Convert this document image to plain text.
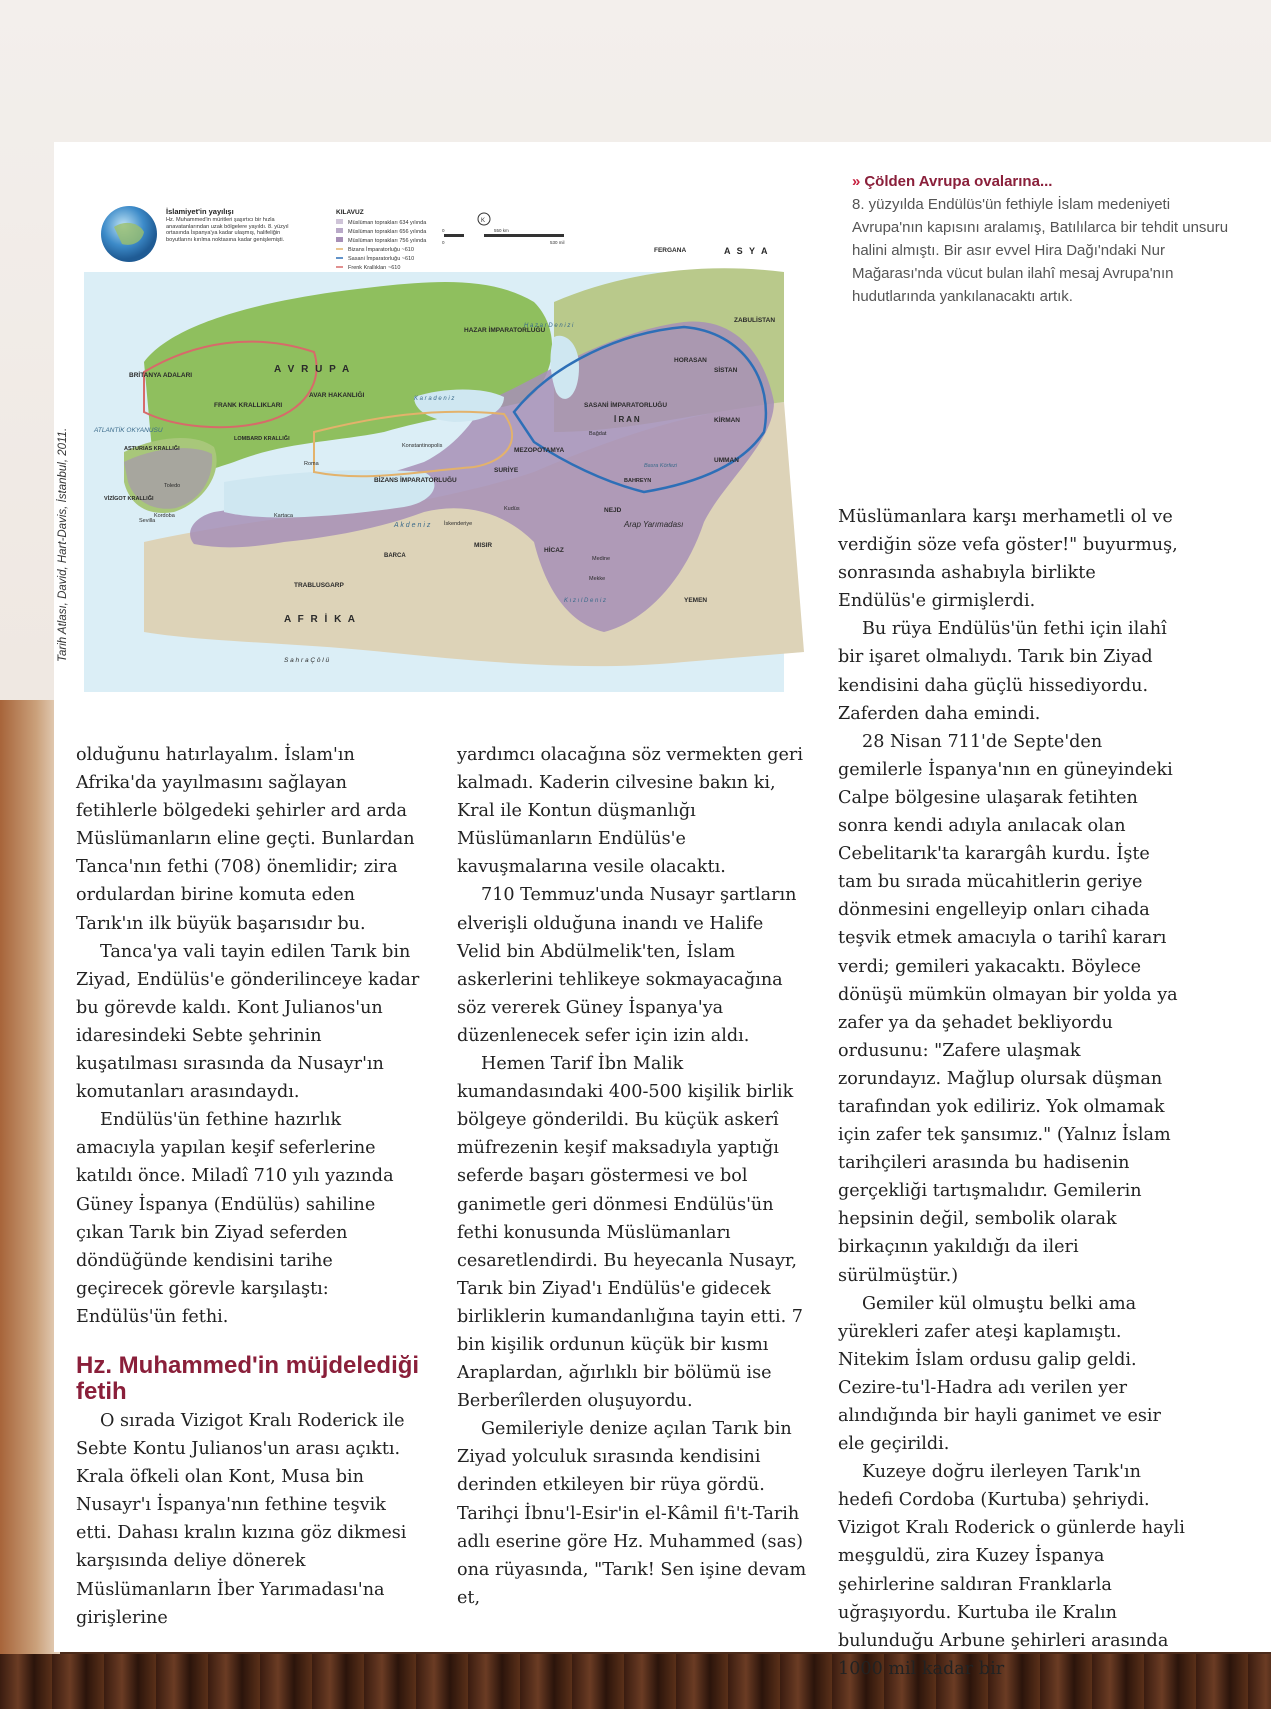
İslamiyet'in yayılışı
Hz. Muhammed'in müritleri şaşırtıcı bir hızla anavatanlarından uzak bölgelere yayıldı. 8. yüzyıl ortasında İspanya'ya kadar ulaşmış, halifeliğin boyutlarını kırılma noktasına kadar genişlemişti.
KILAVUZ
Müslüman toprakları 634 yılında
Müslüman toprakları 656 yılında
Müslüman toprakları 756 yılında
Bizans İmparatorluğu ~610
Sasani İmparatorluğu ~610
Frenk Krallıkları ~610
K
0	550 km
0	530 mil
A V R U P A
A F R İ K A
A S Y A
Arap Yarımadası
İ R A N
A k d e n i z
ATLANTİK OKYANUSU
BRİTANYA ADALARI
FRANK KRALLIKLARI
AVAR HAKANLIĞI
HAZAR İMPARATORLUĞU
BİZANS İMPARATORLUĞU
SASANİ İMPARATORLUĞU
MEZOPOTAMYA
SURİYE
MISIR
HİCAZ
YEMEN
NEJD
HORASAN
KİRMAN
SİSTAN
UMMAN
FERGANA
ZABULİSTAN
ASTURIAS KRALLIĞI
VİZİGOT KRALLIĞI
LOMBARD KRALLIĞI
TRABLUSGARP
BARCA
Mekke
Medine
Bağdat
Kudüs
Konstantinopolis
Roma
Kartaca
İskenderiye
S a h r a Ç ö l ü
K a r a d e n i z
H a z a r D e n i z i
K ı z ı l D e n i z
Basra Körfezi
BAHREYN
Kordoba
Toledo
Sevilla
Tarih Atlası, David, Hart-Davis, İstanbul, 2011.
» Çölden Avrupa ovalarına...
8. yüzyılda Endülüs'ün fethiyle İslam medeniyeti Avrupa'nın kapısını aralamış, Batılılarca bir tehdit unsuru halini almıştı. Bir asır evvel Hira Dağı'ndaki Nur Mağarası'nda vücut bulan ilahî mesaj Avrupa'nın hudutlarında yankılanacaktı artık.

olduğunu hatırlayalım. İslam'ın Afrika'da yayılmasını sağlayan fetihlerle bölgedeki şehirler ard arda Müslümanların eline geçti. Bunlardan Tanca'nın fethi (708) önemlidir; zira ordulardan birine komuta eden Tarık'ın ilk büyük başarısıdır bu.

Tanca'ya vali tayin edilen Tarık bin Ziyad, Endülüs'e gönderilinceye kadar bu görevde kaldı. Kont Julianos'un idaresindeki Sebte şehrinin kuşatılması sırasında da Nusayr'ın komutanları arasındaydı.

Endülüs'ün fethine hazırlık amacıyla yapılan keşif seferlerine katıldı önce. Miladî 710 yılı yazında Güney İspanya (Endülüs) sahiline çıkan Tarık bin Ziyad seferden döndüğünde kendisini tarihe geçirecek görevle karşılaştı: Endülüs'ün fethi.

Hz. Muhammed'in müjdelediği fetih

O sırada Vizigot Kralı Roderick ile Sebte Kontu Julianos'un arası açıktı. Krala öfkeli olan Kont, Musa bin Nusayr'ı İspanya'nın fethine teşvik etti. Dahası kralın kızına göz dikmesi karşısında deliye dönerek Müslümanların İber Yarımadası'na girişlerine

yardımcı olacağına söz vermekten geri kalmadı. Kaderin cilvesine bakın ki, Kral ile Kontun düşmanlığı Müslümanların Endülüs'e kavuşmalarına vesile olacaktı.

710 Temmuz'unda Nusayr şartların elverişli olduğuna inandı ve Halife Velid bin Abdülmelik'ten, İslam askerlerini tehlikeye sokmayacağına söz vererek Güney İspanya'ya düzenlenecek sefer için izin aldı.

Hemen Tarif İbn Malik kumandasındaki 400-500 kişilik birlik bölgeye gönderildi. Bu küçük askerî müfrezenin keşif maksadıyla yaptığı seferde başarı göstermesi ve bol ganimetle geri dönmesi Endülüs'ün fethi konusunda Müslümanları cesaretlendirdi. Bu heyecanla Nusayr, Tarık bin Ziyad'ı Endülüs'e gidecek birliklerin kumandanlığına tayin etti. 7 bin kişilik ordunun küçük bir kısmı Araplardan, ağırlıklı bir bölümü ise Berberîlerden oluşuyordu.

Gemileriyle denize açılan Tarık bin Ziyad yolculuk sırasında kendisini derinden etkileyen bir rüya gördü. Tarihçi İbnu'l-Esir'in el-Kâmil fi't-Tarih adlı eserine göre Hz. Muhammed (sas) ona rüyasında, "Tarık! Sen işine devam et,

Müslümanlara karşı merhametli ol ve verdiğin söze vefa göster!" buyurmuş, sonrasında ashabıyla birlikte Endülüs'e girmişlerdi.

Bu rüya Endülüs'ün fethi için ilahî bir işaret olmalıydı. Tarık bin Ziyad kendisini daha güçlü hissediyordu. Zaferden daha emindi.

28 Nisan 711'de Septe'den gemilerle İspanya'nın en güneyindeki Calpe bölgesine ulaşarak fetihten sonra kendi adıyla anılacak olan Cebelitarık'ta karargâh kurdu. İşte tam bu sırada mücahitlerin geriye dönmesini engelleyip onları cihada teşvik etmek amacıyla o tarihî kararı verdi; gemileri yakacaktı. Böylece dönüşü mümkün olmayan bir yolda ya zafer ya da şehadet bekliyordu ordusunu: "Zafere ulaşmak zorundayız. Mağlup olursak düşman tarafından yok ediliriz. Yok olmamak için zafer tek şansımız." (Yalnız İslam tarihçileri arasında bu hadisenin gerçekliği tartışmalıdır. Gemilerin hepsinin değil, sembolik olarak birkaçının yakıldığı da ileri sürülmüştür.)

Gemiler kül olmuştu belki ama yürekleri zafer ateşi kaplamıştı. Nitekim İslam ordusu galip geldi. Cezire-tu'l-Hadra adı verilen yer alındığında bir hayli ganimet ve esir ele geçirildi.

Kuzeye doğru ilerleyen Tarık'ın hedefi Cordoba (Kurtuba) şehriydi. Vizigot Kralı Roderick o günlerde hayli meşguldü, zira Kuzey İspanya şehirlerine saldıran Franklarla uğraşıyordu. Kurtuba ile Kralın bulunduğu Arbune şehirleri arasında 1000 mil kadar bir
